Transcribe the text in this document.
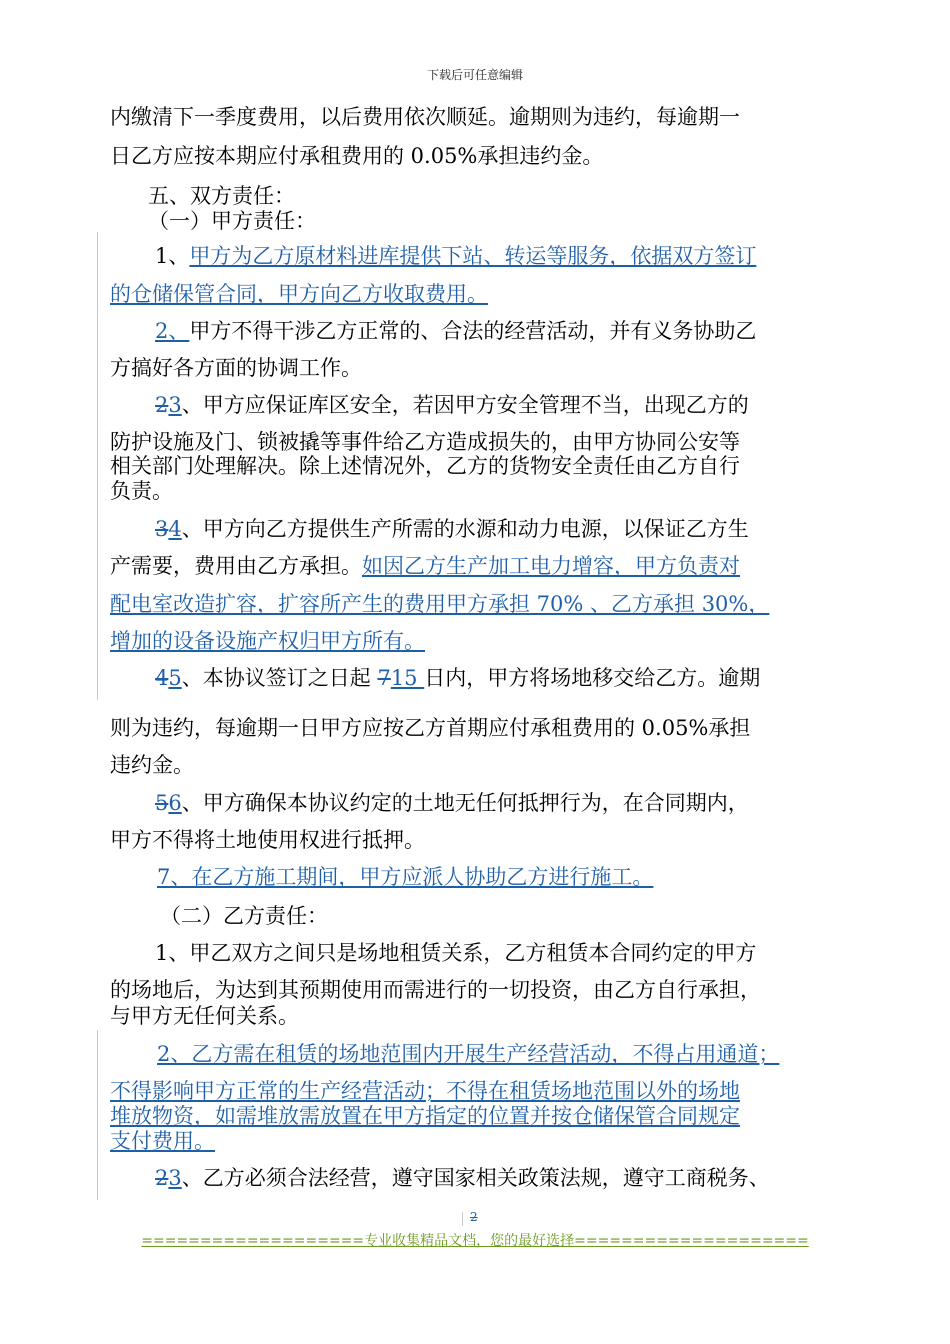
下载后可任意编辑
内缴清下一季度费用，以后费用依次顺延。逾期则为违约，每逾期一
日乙方应按本期应付承租费用的 0.05%承担违约金。
五、双方责任：
（一）甲方责任：
1、甲方为乙方原材料进库提供下站、转运等服务，依据双方签订
的仓储保管合同，甲方向乙方收取费用。
2、甲方不得干涉乙方正常的、合法的经营活动，并有义务协助乙
方搞好各方面的协调工作。
23、甲方应保证库区安全，若因甲方安全管理不当，出现乙方的
防护设施及门、锁被撬等事件给乙方造成损失的，由甲方协同公安等
相关部门处理解决。除上述情况外，乙方的货物安全责任由乙方自行
负责。
34、甲方向乙方提供生产所需的水源和动力电源，以保证乙方生
产需要，费用由乙方承担。如因乙方生产加工电力增容，甲方负责对
配电室改造扩容，扩容所产生的费用甲方承担 70% 、乙方承担 30%，
增加的设备设施产权归甲方所有。
45、本协议签订之日起 715 日内，甲方将场地移交给乙方。逾期
则为违约，每逾期一日甲方应按乙方首期应付承租费用的 0.05%承担
违约金。
56、甲方确保本协议约定的土地无任何抵押行为，在合同期内，
甲方不得将土地使用权进行抵押。
7、在乙方施工期间，甲方应派人协助乙方进行施工。
（二）乙方责任：
1、甲乙双方之间只是场地租赁关系，乙方租赁本合同约定的甲方
的场地后，为达到其预期使用而需进行的一切投资，由乙方自行承担，
与甲方无任何关系。
2、乙方需在租赁的场地范围内开展生产经营活动，不得占用通道；
不得影响甲方正常的生产经营活动；不得在租赁场地范围以外的场地
堆放物资，如需堆放需放置在甲方指定的位置并按仓储保管合同规定
支付费用。
23、乙方必须合法经营，遵守国家相关政策法规，遵守工商税务、
2
===================专业收集精品文档，您的最好选择====================
